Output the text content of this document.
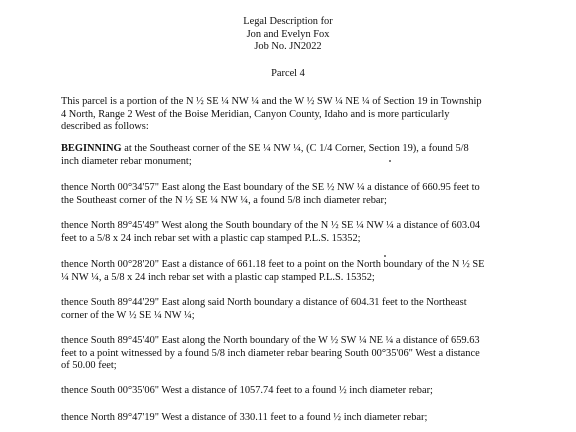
Legal Description for
Jon and Evelyn Fox
Job No. JN2022
Parcel 4
This parcel is a portion of the N ½ SE ¼ NW ¼ and the W ½ SW ¼ NE ¼ of Section 19 in Township
4 North, Range 2 West of the Boise Meridian, Canyon County, Idaho and is more particularly
described as follows:
BEGINNING at the Southeast corner of the SE ¼ NW ¼, (C 1/4 Corner, Section 19), a found 5/8
inch diameter rebar monument;
thence North 00°34'57" East along the East boundary of the SE ½ NW ¼ a distance of 660.95 feet to
the Southeast corner of the N ½ SE ¼ NW ¼, a found 5/8 inch diameter rebar;
thence North 89°45'49" West along the South boundary of the N ½ SE ¼ NW ¼ a distance of 603.04
feet to a 5/8 x 24 inch rebar set with a plastic cap stamped P.L.S. 15352;
thence North 00°28'20" East a distance of 661.18 feet to a point on the North boundary of the N ½ SE
¼ NW ¼, a 5/8 x 24 inch rebar set with a plastic cap stamped P.L.S. 15352;
thence South 89°44'29" East along said North boundary a distance of 604.31 feet to the Northeast
corner of the W ½ SE ¼ NW ¼;
thence South 89°45'40" East along the North boundary of the W ½ SW ¼ NE ¼ a distance of 659.63
feet to a point witnessed by a found 5/8 inch diameter rebar bearing South 00°35'06" West a distance
of 50.00 feet;
thence South 00°35'06" West a distance of 1057.74 feet to a found ½ inch diameter rebar;
thence North 89°47'19" West a distance of 330.11 feet to a found ½ inch diameter rebar;
